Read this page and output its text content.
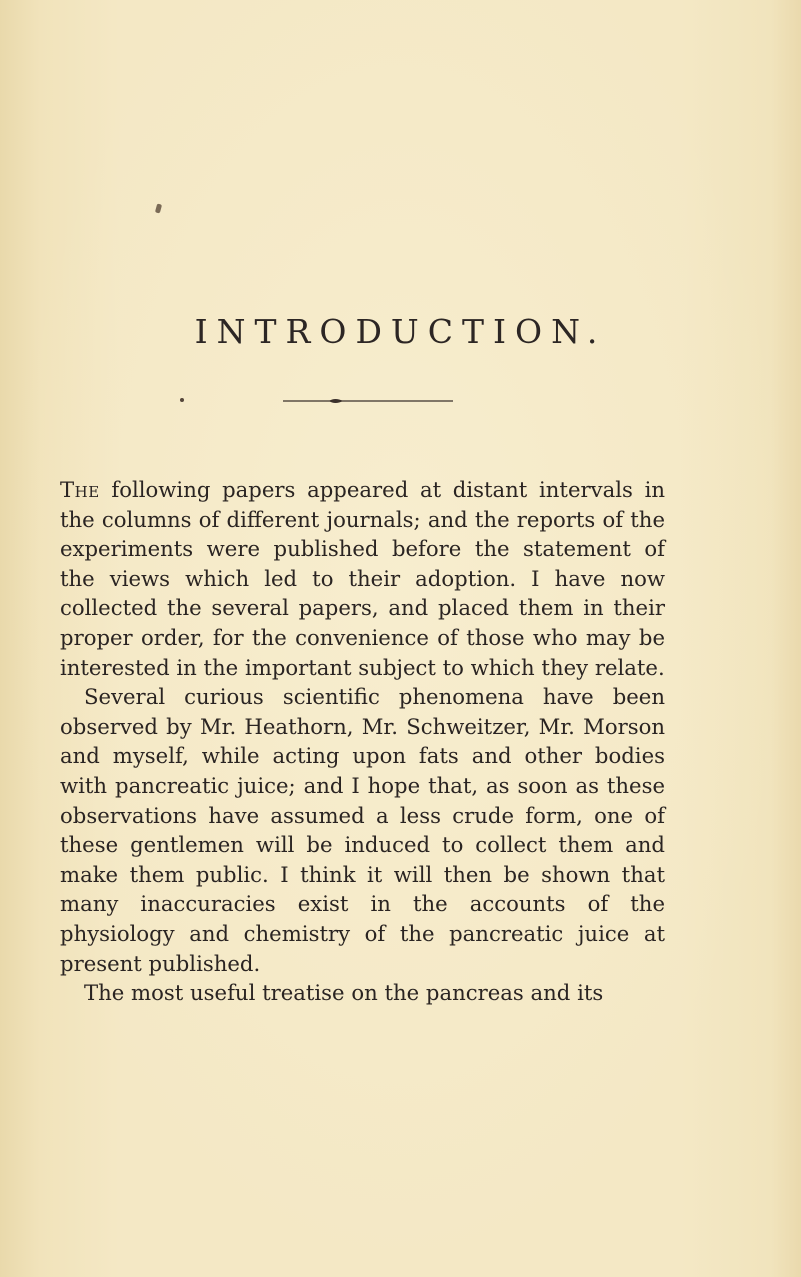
INTRODUCTION.

The following papers appeared at distant intervals in the columns of different journals; and the reports of the experiments were published before the statement of the views which led to their adoption. I have now collected the several papers, and placed them in their proper order, for the convenience of those who may be interested in the important subject to which they relate.

Several curious scientific phenomena have been observed by Mr. Heathorn, Mr. Schweitzer, Mr. Morson and myself, while acting upon fats and other bodies with pancreatic juice; and I hope that, as soon as these observations have assumed a less crude form, one of these gentlemen will be induced to collect them and make them public. I think it will then be shown that many inaccuracies exist in the accounts of the physiology and chemistry of the pancreatic juice at present published.

The most useful treatise on the pancreas and its
